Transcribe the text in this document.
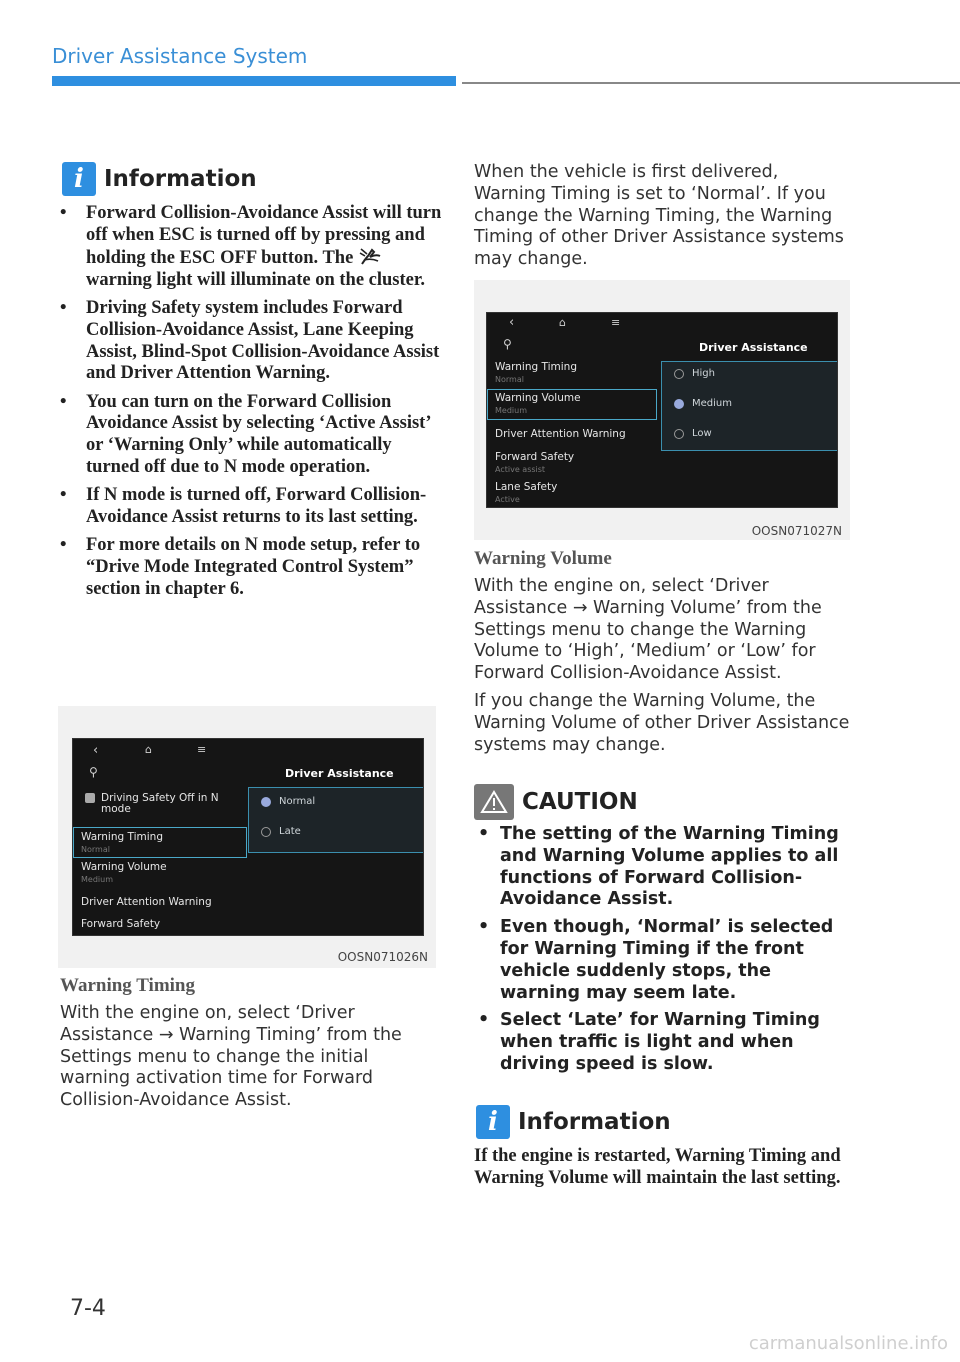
Driver Assistance System
i Information
• Forward Collision-Avoidance Assist will turn off when ESC is turned off by pressing and holding the ESC OFF button. The  warning light will illuminate on the cluster.
• Driving Safety system includes Forward Collision-Avoidance Assist, Lane Keeping Assist, Blind-Spot Collision-Avoidance Assist and Driver Attention Warning.
• You can turn on the Forward Collision Avoidance Assist by selecting ‘Active Assist’ or ‘Warning Only’ while automatically turned off due to N mode operation.
• If N mode is turned off, Forward Collision-Avoidance Assist returns to its last setting.
• For more details on N mode setup, refer to “Drive Mode Integrated Control System” section in chapter 6.
‹	⌂	≡
⚲	Driver Assistance
Driving Safety Off in N mode
Warning Timing
Normal
Warning Volume
Medium
Driver Attention Warning
Forward Safety
Normal
Late
OOSN071026N
Warning Timing

With the engine on, select ‘Driver Assistance → Warning Timing’ from the Settings menu to change the initial warning activation time for Forward Collision-Avoidance Assist.

When the vehicle is first delivered, Warning Timing is set to ‘Normal’. If you change the Warning Timing, the Warning Timing of other Driver Assistance systems may change.

‹	⌂	≡
⚲	Driver Assistance
Warning Timing
Normal
Warning Volume
Medium
Driver Attention Warning
Forward Safety
Active assist
Lane Safety
Active
High
Medium
Low
OOSN071027N
Warning Volume

With the engine on, select ‘Driver Assistance → Warning Volume’ from the Settings menu to change the Warning Volume to ‘High’, ‘Medium’ or ‘Low’ for Forward Collision-Avoidance Assist.

If you change the Warning Volume, the Warning Volume of other Driver Assistance systems may change.

CAUTION
• The setting of the Warning Timing and Warning Volume applies to all functions of Forward Collision-Avoidance Assist.
• Even though, ‘Normal’ is selected for Warning Timing if the front vehicle suddenly stops, the warning may seem late.
• Select ‘Late’ for Warning Timing when traffic is light and when driving speed is slow.
i Information

If the engine is restarted, Warning Timing and Warning Volume will maintain the last setting.

7-4
carmanualsonline.info
